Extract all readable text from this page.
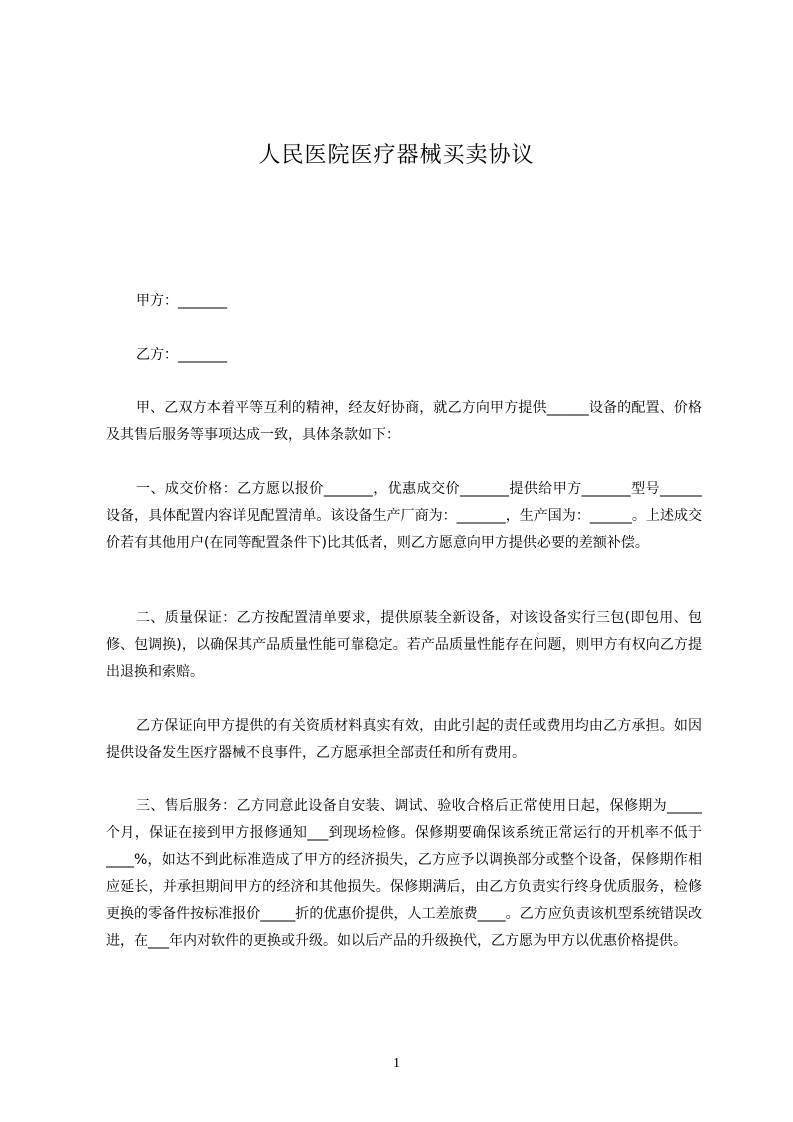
人民医院医疗器械买卖协议
甲方：_______
乙方：_______
甲、乙双方本着平等互利的精神，经友好协商，就乙方向甲方提供______设备的配置、价格及其售后服务等事项达成一致，具体条款如下：
一、成交价格：乙方愿以报价_______，优惠成交价_______提供给甲方_______型号______设备，具体配置内容详见配置清单。该设备生产厂商为：_______，生产国为：______。上述成交价若有其他用户(在同等配置条件下)比其低者，则乙方愿意向甲方提供必要的差额补偿。
二、质量保证：乙方按配置清单要求，提供原装全新设备，对该设备实行三包(即包用、包修、包调换)，以确保其产品质量性能可靠稳定。若产品质量性能存在问题，则甲方有权向乙方提出退换和索赔。
乙方保证向甲方提供的有关资质材料真实有效，由此引起的责任或费用均由乙方承担。如因提供设备发生医疗器械不良事件，乙方愿承担全部责任和所有费用。
三、售后服务：乙方同意此设备自安装、调试、验收合格后正常使用日起，保修期为_____个月，保证在接到甲方报修通知___到现场检修。保修期要确保该系统正常运行的开机率不低于____%，如达不到此标准造成了甲方的经济损失，乙方应予以调换部分或整个设备，保修期作相应延长，并承担期间甲方的经济和其他损失。保修期满后，由乙方负责实行终身优质服务，检修更换的零备件按标准报价_____折的优惠价提供，人工差旅费____。乙方应负责该机型系统错误改进，在___年内对软件的更换或升级。如以后产品的升级换代，乙方愿为甲方以优惠价格提供。
1
